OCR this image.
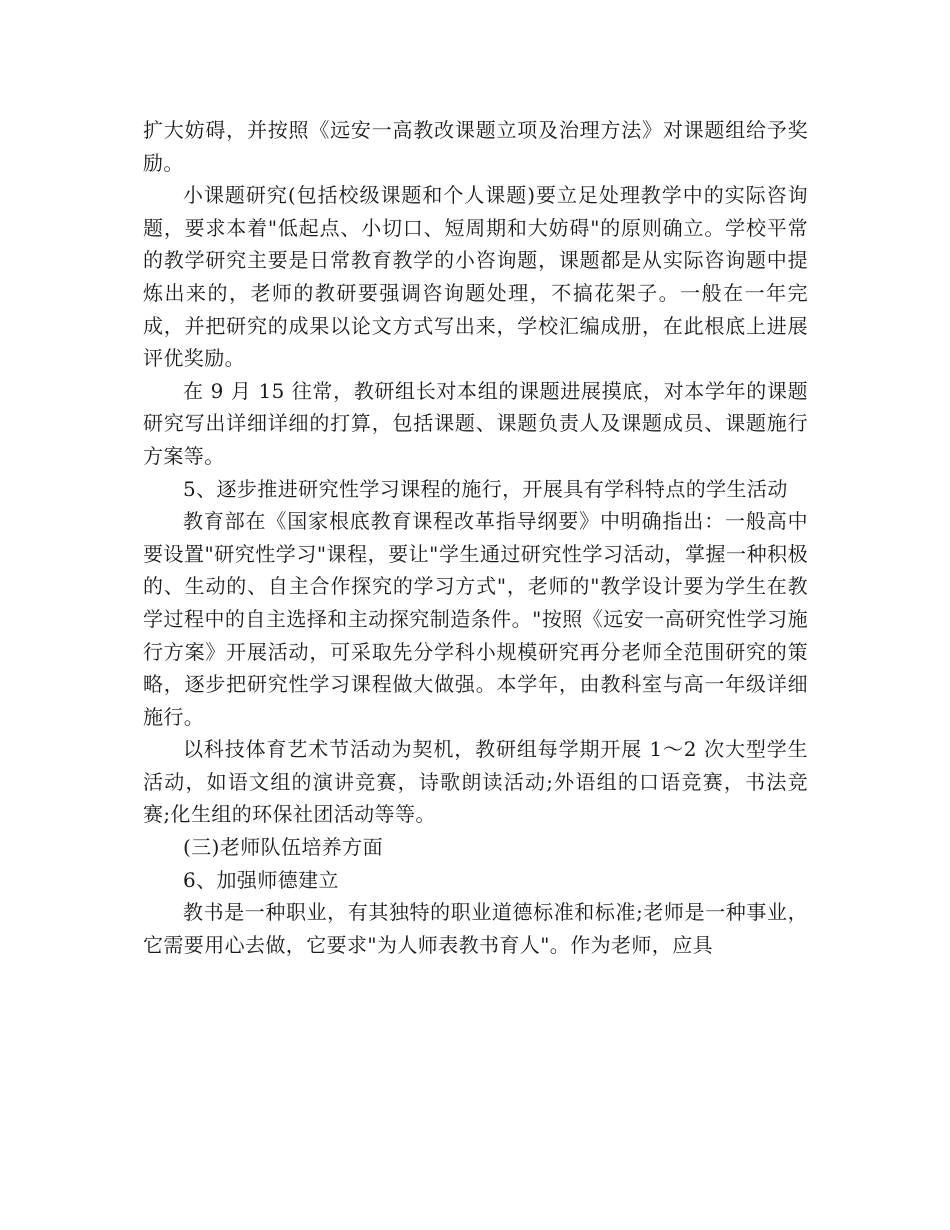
扩大妨碍，并按照《远安一高教改课题立项及治理方法》对课题组给予奖励。

小课题研究(包括校级课题和个人课题)要立足处理教学中的实际咨询题，要求本着"低起点、小切口、短周期和大妨碍"的原则确立。学校平常的教学研究主要是日常教育教学的小咨询题，课题都是从实际咨询题中提炼出来的，老师的教研要强调咨询题处理，不搞花架子。一般在一年完成，并把研究的成果以论文方式写出来，学校汇编成册，在此根底上进展评优奖励。

在 9 月 15 往常，教研组长对本组的课题进展摸底，对本学年的课题研究写出详细详细的打算，包括课题、课题负责人及课题成员、课题施行方案等。

5、逐步推进研究性学习课程的施行，开展具有学科特点的学生活动

教育部在《国家根底教育课程改革指导纲要》中明确指出：一般高中要设置"研究性学习"课程，要让"学生通过研究性学习活动，掌握一种积极的、生动的、自主合作探究的学习方式"，老师的"教学设计要为学生在教学过程中的自主选择和主动探究制造条件。"按照《远安一高研究性学习施行方案》开展活动，可采取先分学科小规模研究再分老师全范围研究的策略，逐步把研究性学习课程做大做强。本学年，由教科室与高一年级详细施行。

以科技体育艺术节活动为契机，教研组每学期开展 1～2 次大型学生活动，如语文组的演讲竞赛，诗歌朗读活动;外语组的口语竞赛，书法竞赛;化生组的环保社团活动等等。

(三)老师队伍培养方面

6、加强师德建立

教书是一种职业，有其独特的职业道德标准和标准;老师是一种事业，它需要用心去做，它要求"为人师表教书育人"。作为老师，应具
